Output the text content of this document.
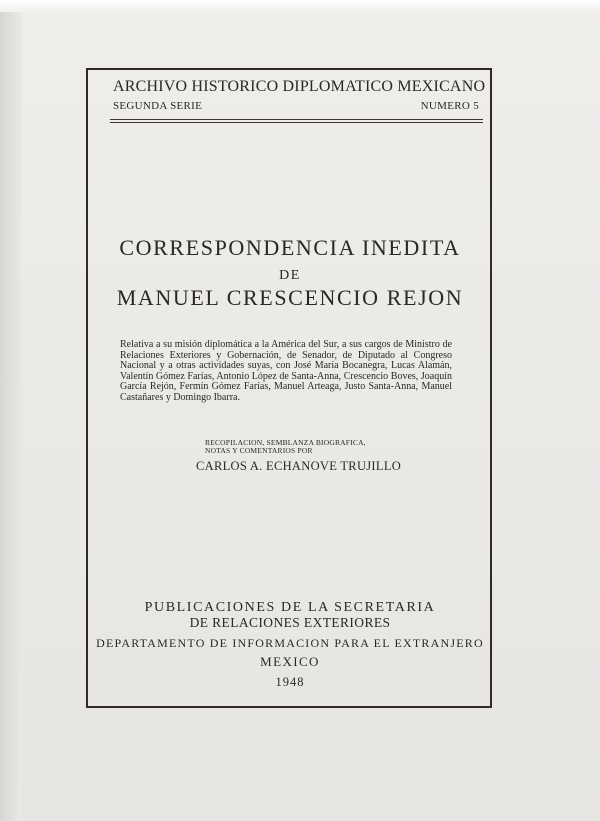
ARCHIVO HISTORICO DIPLOMATICO MEXICANO
SEGUNDA SERIE	NUMERO 5
CORRESPONDENCIA INEDITA
DE
MANUEL CRESCENCIO REJON
Relativa a su misión diplomática a la América del Sur, a sus cargos de Ministro de Relaciones Exteriores y Gobernación, de Senador, de Diputado al Congreso Nacional y a otras actividades suyas, con José María Bocanegra, Lucas Alamán, Valentín Gómez Farías, Antonio López de Santa-Anna, Crescencio Boves, Joaquín García Rejón, Fermín Gómez Farías, Manuel Arteaga, Justo Santa-Anna, Manuel Castañares y Domingo Ibarra.
RECOPILACION, SEMBLANZA BIOGRAFICA,
NOTAS Y COMENTARIOS POR
CARLOS A. ECHANOVE TRUJILLO
PUBLICACIONES DE LA SECRETARIA
DE RELACIONES EXTERIORES
DEPARTAMENTO DE INFORMACION PARA EL EXTRANJERO
MEXICO
1948
